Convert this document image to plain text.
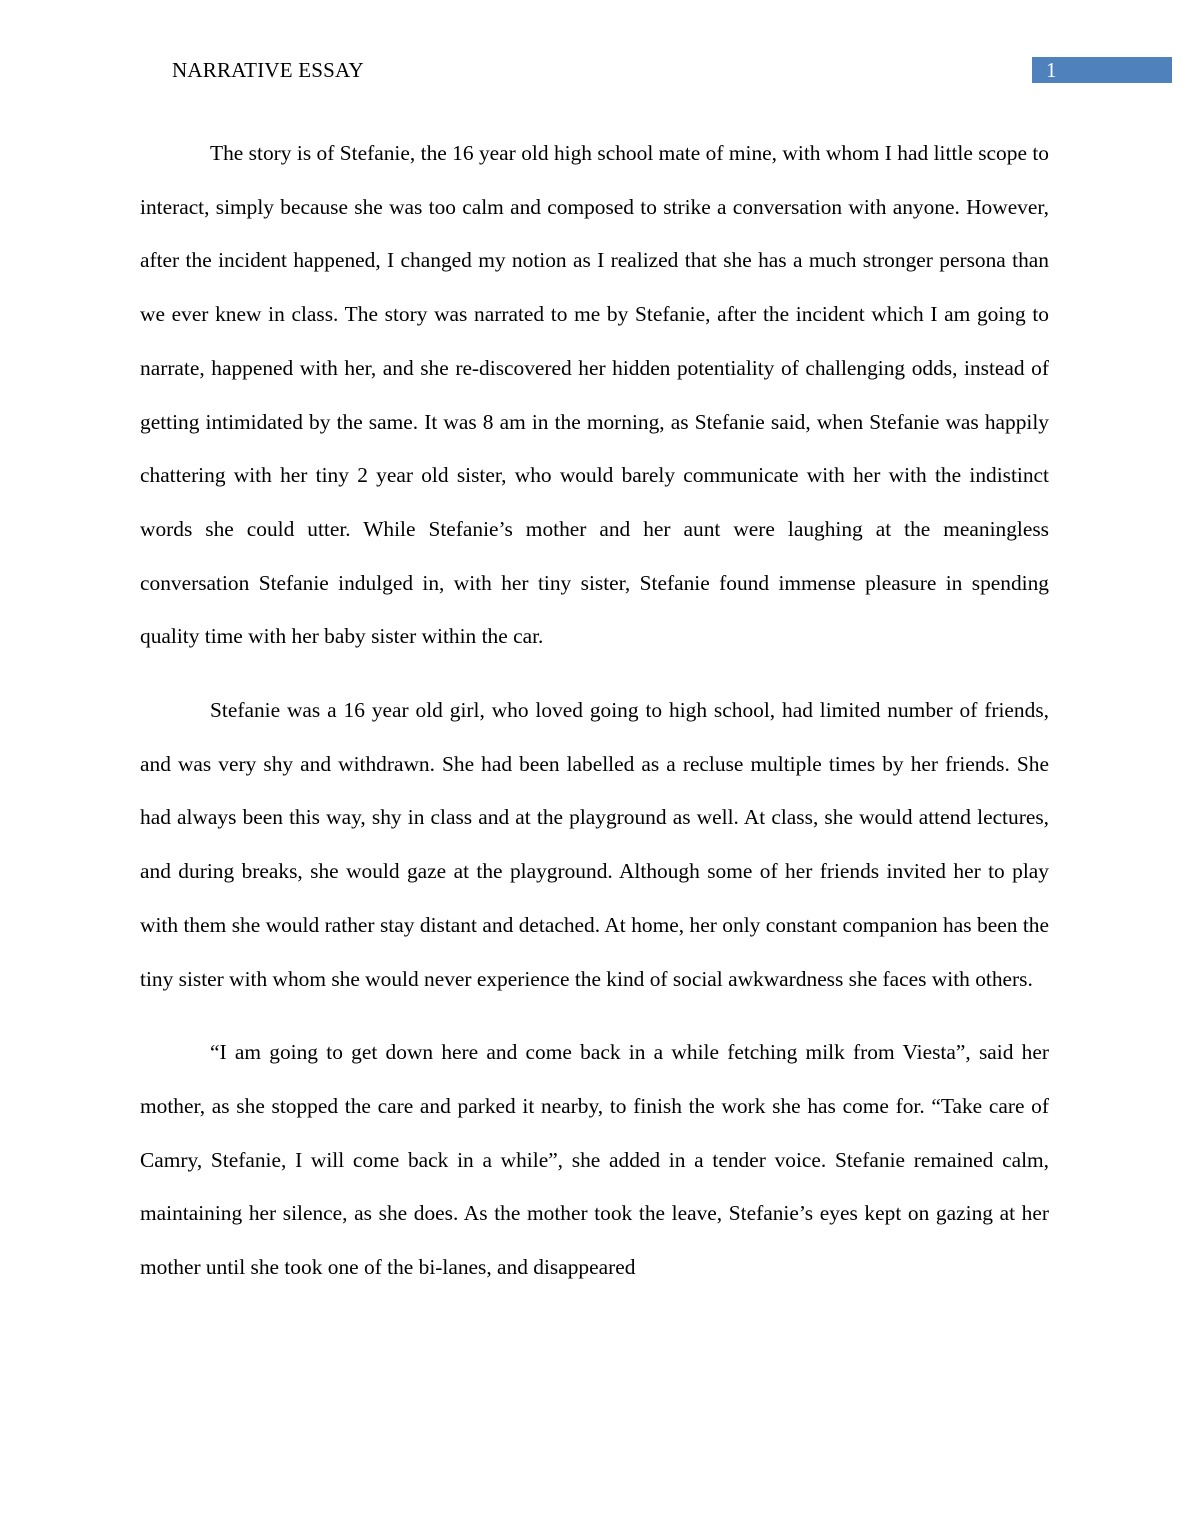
NARRATIVE ESSAY	1

The story is of Stefanie, the 16 year old high school mate of mine, with whom I had little scope to interact, simply because she was too calm and composed to strike a conversation with anyone. However, after the incident happened, I changed my notion as I realized that she has a much stronger persona than we ever knew in class. The story was narrated to me by Stefanie, after the incident which I am going to narrate, happened with her, and she re-discovered her hidden potentiality of challenging odds, instead of getting intimidated by the same. It was 8 am in the morning, as Stefanie said, when Stefanie was happily chattering with her tiny 2 year old sister, who would barely communicate with her with the indistinct words she could utter. While Stefanie’s mother and her aunt were laughing at the meaningless conversation Stefanie indulged in, with her tiny sister, Stefanie found immense pleasure in spending quality time with her baby sister within the car.

Stefanie was a 16 year old girl, who loved going to high school, had limited number of friends, and was very shy and withdrawn. She had been labelled as a recluse multiple times by her friends. She had always been this way, shy in class and at the playground as well. At class, she would attend lectures, and during breaks, she would gaze at the playground. Although some of her friends invited her to play with them she would rather stay distant and detached. At home, her only constant companion has been the tiny sister with whom she would never experience the kind of social awkwardness she faces with others.

“I am going to get down here and come back in a while fetching milk from Viesta”, said her mother, as she stopped the care and parked it nearby, to finish the work she has come for. “Take care of Camry, Stefanie, I will come back in a while”, she added in a tender voice. Stefanie remained calm, maintaining her silence, as she does. As the mother took the leave, Stefanie’s eyes kept on gazing at her mother until she took one of the bi-lanes, and disappeared
